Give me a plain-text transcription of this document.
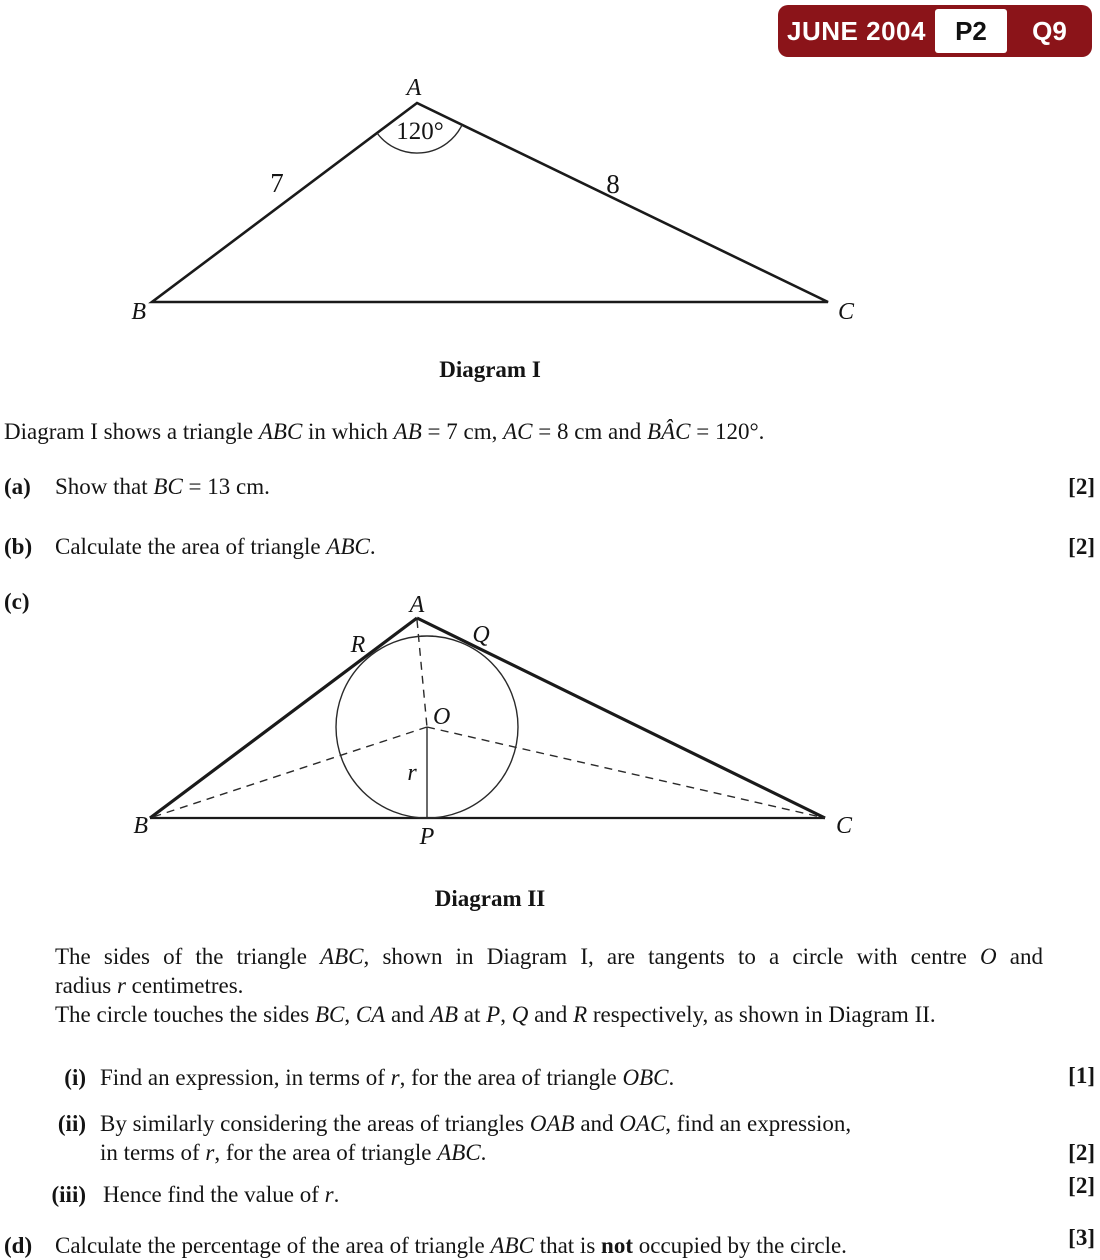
JUNE 2004	P2	Q9
120°
A
B	C
7	8
A
B	C
O
P
Q
R
r
Diagram I
Diagram II

Diagram I shows a triangle ABC in which AB = 7 cm, AC = 8 cm and BÂC = 120°.

(a) Show that BC = 13 cm.	[2]
(b) Calculate the area of triangle ABC.	[2]
(c)
The sides of the triangle ABC, shown in Diagram I, are tangents to a circle with centre O and
radius r centimetres.
The circle touches the sides BC, CA and AB at P, Q and R respectively, as shown in Diagram II.
(i) Find an expression, in terms of r, for the area of triangle OBC.	[1]
(ii) By similarly considering the areas of triangles OAB and OAC, find an expression,
in terms of r, for the area of triangle ABC.	[2]
(iii) Hence find the value of r.	[2]
(d) Calculate the percentage of the area of triangle ABC that is not occupied by the circle.	[3]
